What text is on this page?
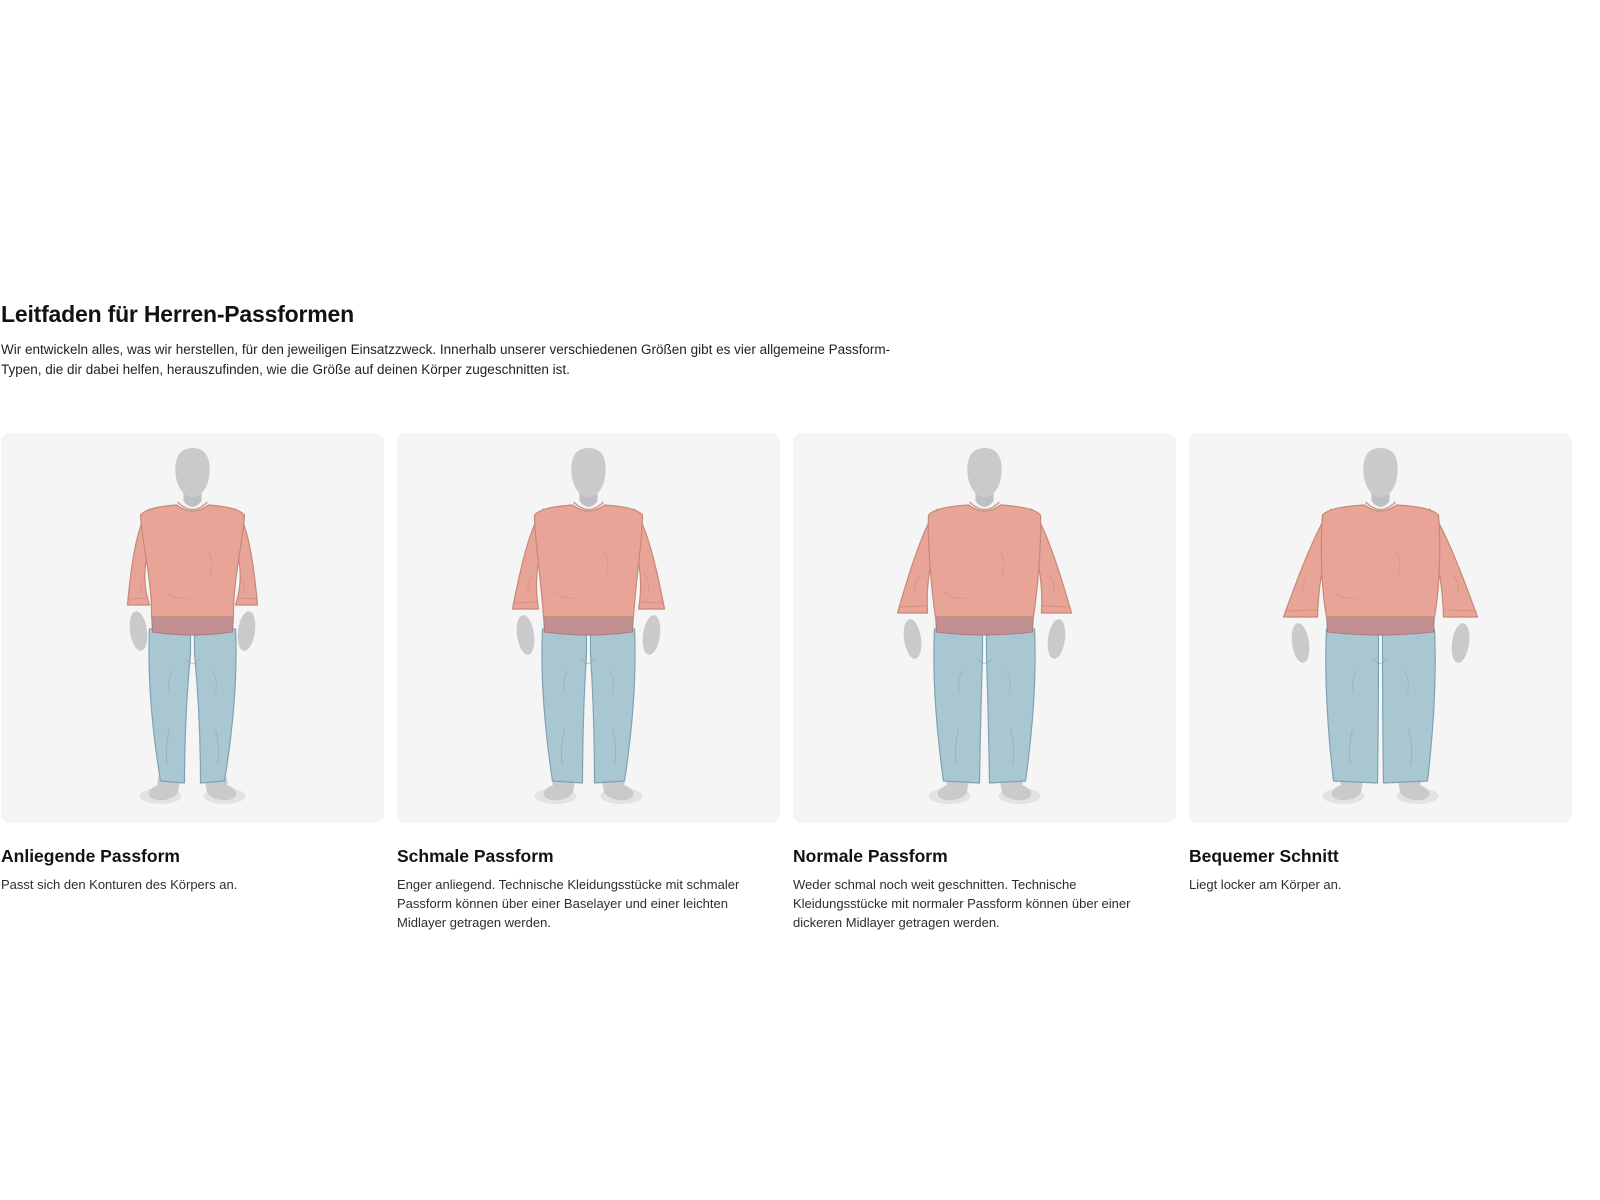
Leitfaden für Herren-Passformen

Wir entwickeln alles, was wir herstellen, für den jeweiligen Einsatzzweck. Innerhalb unserer verschiedenen Größen gibt es vier allgemeine Passform-Typen, die dir dabei helfen, herauszufinden, wie die Größe auf deinen Körper zugeschnitten ist.

Anliegende Passform

Passt sich den Konturen des Körpers an.

Schmale Passform

Enger anliegend. Technische Kleidungsstücke mit schmaler Passform können über einer Baselayer und einer leichten Midlayer getragen werden.

Normale Passform

Weder schmal noch weit geschnitten. Technische Kleidungsstücke mit normaler Passform können über einer dickeren Midlayer getragen werden.

Bequemer Schnitt

Liegt locker am Körper an.
